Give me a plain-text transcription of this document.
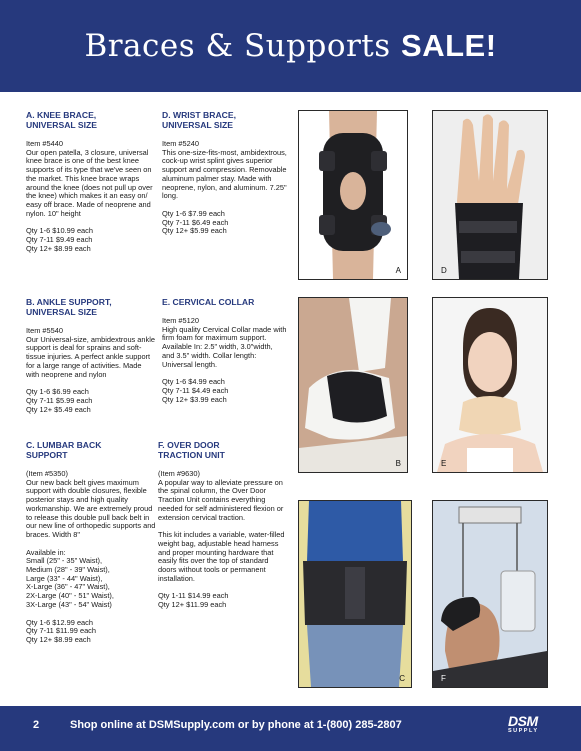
Braces & Supports SALE!
A. KNEE BRACE,
UNIVERSAL SIZE
Item #5440
Our open patella, 3 closure, universal knee brace is one of the best knee supports of its type that we've seen on the market. This knee brace wraps around the knee (does not pull up over the knee) which makes it an easy on/ easy off brace. Made of neoprene and nylon. 10" height
Qty 1-6 $10.99 each
Qty 7-11 $9.49 each
Qty 12+ $8.99 each
D. WRIST BRACE,
UNIVERSAL SIZE
Item #5240
This one-size-fits-most, ambidextrous, cock-up wrist splint gives superior support and compression. Removable aluminum palmer stay. Made with neoprene, nylon, and aluminum. 7.25" long.
Qty 1-6 $7.99 each
Qty 7-11 $6.49 each
Qty 12+ $5.99 each
B. ANKLE SUPPORT,
UNIVERSAL SIZE
Item #5540
Our Universal-size, ambidextrous ankle support is deal for sprains and soft-tissue injuries. A perfect ankle support for a large range of activities. Made with neoprene and nylon
Qty 1-6 $6.99 each
Qty 7-11 $5.99 each
Qty 12+ $5.49 each
E. CERVICAL COLLAR
Item #5120
High quality Cervical Collar made with firm foam for maximum support. Available In: 2.5" width, 3.0"width, and 3.5" width. Collar length: Universal length.
Qty 1-6 $4.99 each
Qty 7-11 $4.49 each
Qty 12+ $3.99 each
C. LUMBAR BACK
SUPPORT
(Item #5350)
Our new back belt gives maximum support with double closures, flexible posterior stays and high quality workmanship. We are extremely proud to release this double pull back belt in our new line of orthopedic supports and braces. Width 8"
Available in:
Small (25" - 35" Waist),
Medium (28" - 39" Waist),
Large (33" - 44" Waist),
X-Large (36" - 47" Waist),
2X-Large (40" - 51" Waist),
3X-Large (43" - 54" Waist)
Qty 1-6 $12.99 each
Qty 7-11 $11.99 each
Qty 12+ $8.99 each
F. OVER DOOR
TRACTION UNIT
(Item #9630)
A popular way to alleviate pressure on the spinal column, the Over Door Traction Unit contains everything needed for self administered flexion or extension cervical traction.
This kit includes a variable, water-filled weight bag, adjustable head harness and proper mounting hardware that easily fits over the top of standard doors without tools or permanent installation.
Qty 1-11 $14.99 each
Qty 12+ $11.99 each
A	D
B	E
C	F
2	Shop online at DSMSupply.com or by phone at 1-(800) 285-2807	DSM
SUPPLY
